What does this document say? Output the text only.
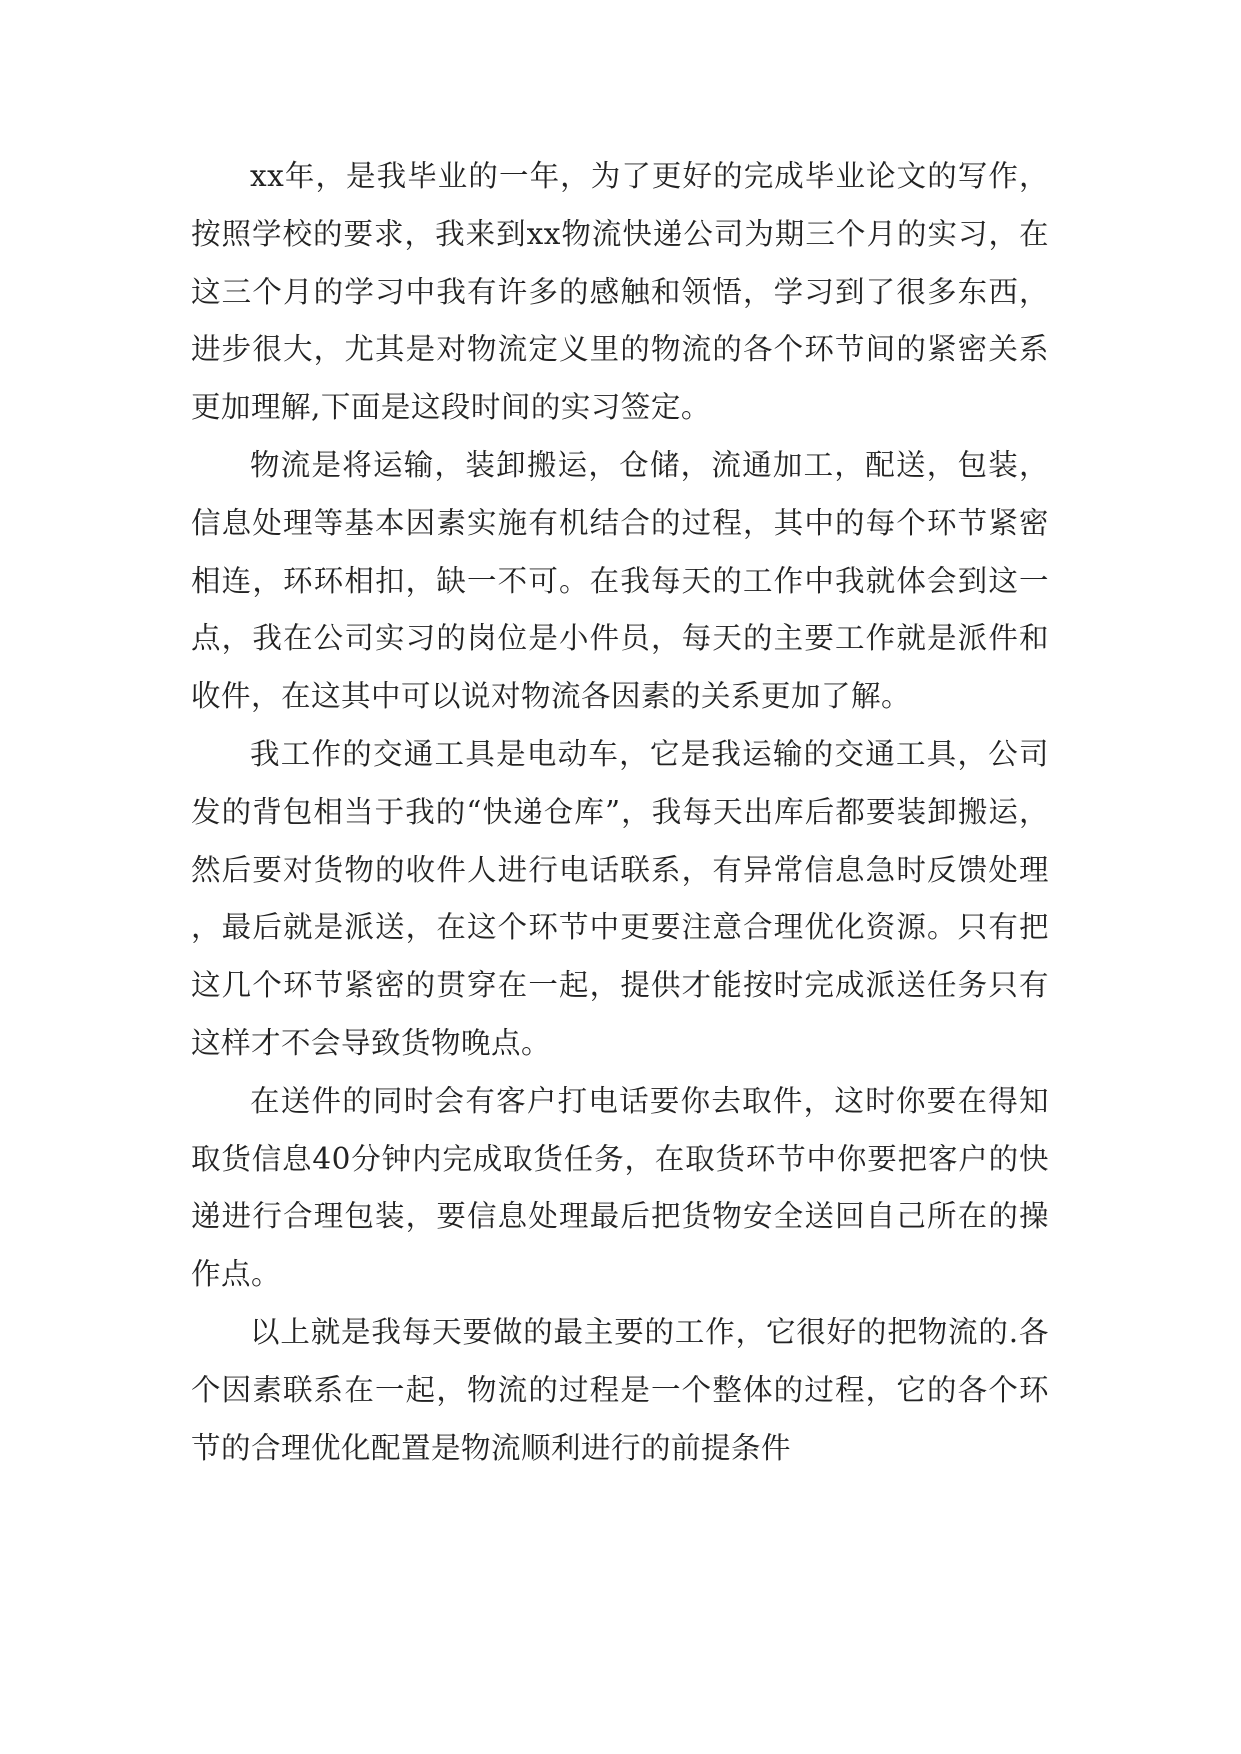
xx年，是我毕业的一年，为了更好的完成毕业论文的写作，按照学校的要求，我来到xx物流快递公司为期三个月的实习，在这三个月的学习中我有许多的感触和领悟，学习到了很多东西，进步很大，尤其是对物流定义里的物流的各个环节间的紧密关系更加理解,下面是这段时间的实习签定。

物流是将运输，装卸搬运，仓储，流通加工，配送，包装，信息处理等基本因素实施有机结合的过程，其中的每个环节紧密相连，环环相扣，缺一不可。在我每天的工作中我就体会到这一点，我在公司实习的岗位是小件员，每天的主要工作就是派件和收件，在这其中可以说对物流各因素的关系更加了解。

我工作的交通工具是电动车，它是我运输的交通工具，公司发的背包相当于我的“快递仓库”，我每天出库后都要装卸搬运，然后要对货物的收件人进行电话联系，有异常信息急时反馈处理，最后就是派送，在这个环节中更要注意合理优化资源。只有把这几个环节紧密的贯穿在一起，提供才能按时完成派送任务只有这样才不会导致货物晚点。

在送件的同时会有客户打电话要你去取件，这时你要在得知取货信息40分钟内完成取货任务，在取货环节中你要把客户的快递进行合理包装，要信息处理最后把货物安全送回自己所在的操作点。

以上就是我每天要做的最主要的工作，它很好的把物流的.各个因素联系在一起，物流的过程是一个整体的过程，它的各个环节的合理优化配置是物流顺利进行的前提条件
